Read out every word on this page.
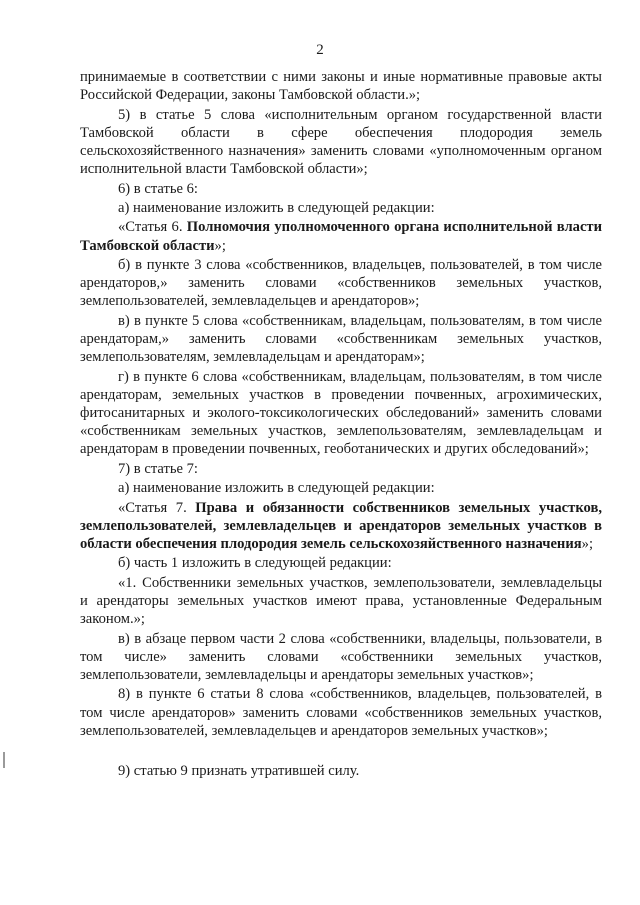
2

принимаемые в соответствии с ними законы и иные нормативные правовые акты Российской Федерации, законы Тамбовской области.»;

5) в статье 5 слова «исполнительным органом государственной власти Тамбовской области в сфере обеспечения плодородия земель сельскохозяйственного назначения» заменить словами «уполномоченным органом исполнительной власти Тамбовской области»;

6) в статье 6:

а) наименование изложить в следующей редакции:

«Статья 6. Полномочия уполномоченного органа исполнительной власти Тамбовской области»;

б) в пункте 3 слова «собственников, владельцев, пользователей, в том числе арендаторов,» заменить словами «собственников земельных участков, землепользователей, землевладельцев и арендаторов»;

в) в пункте 5 слова «собственникам, владельцам, пользователям, в том числе арендаторам,» заменить словами «собственникам земельных участков, землепользователям, землевладельцам и арендаторам»;

г) в пункте 6 слова «собственникам, владельцам, пользователям, в том числе арендаторам, земельных участков в проведении почвенных, агрохимических, фитосанитарных и эколого-токсикологических обследований» заменить словами «собственникам земельных участков, землепользователям, землевладельцам и арендаторам в проведении почвенных, геоботанических и других обследований»;

7) в статье 7:

а) наименование изложить в следующей редакции:

«Статья 7. Права и обязанности собственников земельных участков, землепользователей, землевладельцев и арендаторов земельных участков в области обеспечения плодородия земель сельскохозяйственного назначения»;

б) часть 1 изложить в следующей редакции:

«1. Собственники земельных участков, землепользователи, землевладельцы и арендаторы земельных участков имеют права, установленные Федеральным законом.»;

в) в абзаце первом части 2 слова «собственники, владельцы, пользователи, в том числе» заменить словами «собственники земельных участков, землепользователи, землевладельцы и арендаторы земельных участков»;

8) в пункте 6 статьи 8 слова «собственников, владельцев, пользователей, в том числе арендаторов» заменить словами «собственников земельных участков, землепользователей, землевладельцев и арендаторов земельных участков»;

9) статью 9 признать утратившей силу.
